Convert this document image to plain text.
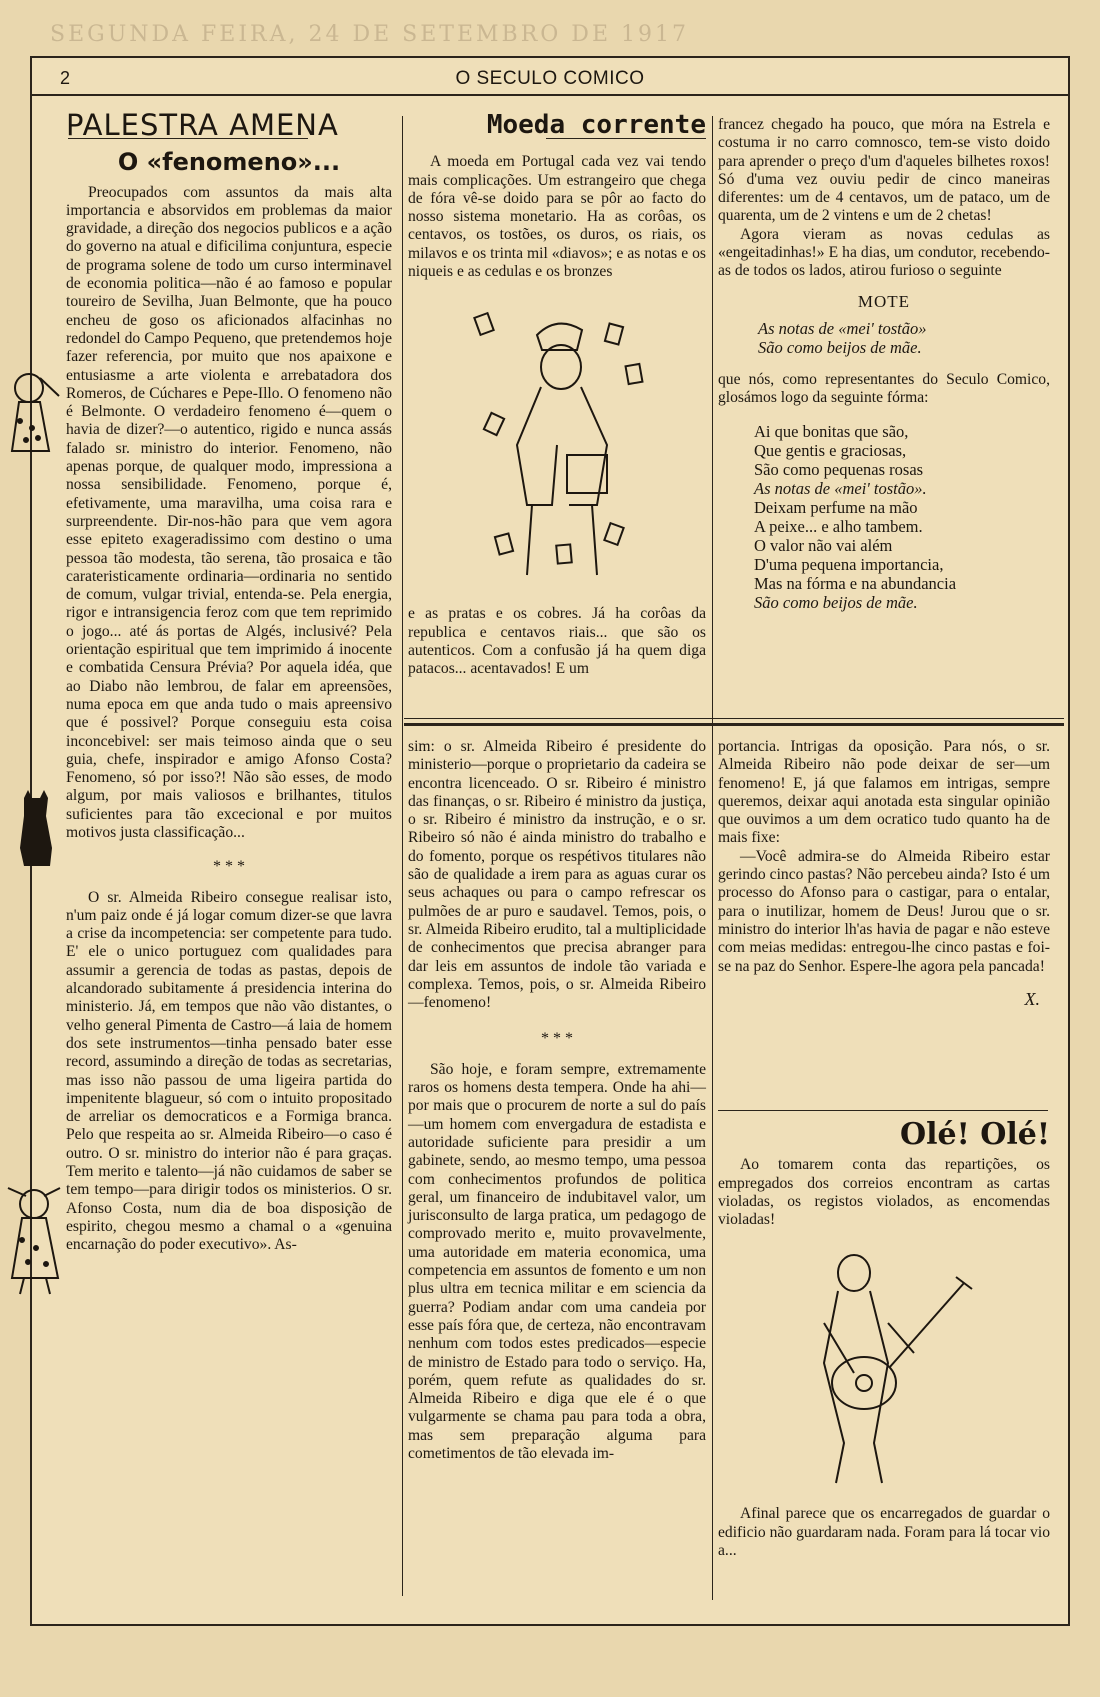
SEGUNDA FEIRA, 24 DE SETEMBRO DE 1917
2	O SECULO COMICO
PALESTRA AMENA
O «fenomeno»...

Preocupados com assuntos da mais alta importancia e absorvidos em problemas da maior gravidade, a direção dos negocios publicos e a ação do governo na atual e dificilima conjuntura, especie de programa solene de todo um curso interminavel de economia politica—não é ao famoso e popular toureiro de Sevilha, Juan Belmonte, que ha pouco encheu de goso os aficionados alfacinhas no redondel do Campo Pequeno, que pretendemos hoje fazer referencia, por muito que nos apaixone e entusiasme a arte violenta e arrebatadora dos Romeros, de Cúchares e Pepe-Illo. O fenomeno não é Belmonte. O verdadeiro fenomeno é—quem o havia de dizer?—o autentico, rigido e nunca assás falado sr. ministro do interior. Fenomeno, não apenas porque, de qualquer modo, impressiona a nossa sensibilidade. Fenomeno, porque é, efetivamente, uma maravilha, uma coisa rara e surpreendente. Dir-nos-hão para que vem agora esse epiteto exageradissimo com destino o uma pessoa tão modesta, tão serena, tão prosaica e tão carateristicamente ordinaria—ordinaria no sentido de comum, vulgar trivial, entenda-se. Pela energia, rigor e intransigencia feroz com que tem reprimido o jogo... até ás portas de Algés, inclusivé? Pela orientação espiritual que tem imprimido á inocente e combatida Censura Prévia? Por aquela idéa, que ao Diabo não lembrou, de falar em apreensões, numa epoca em que anda tudo o mais apreensivo que é possivel? Porque conseguiu esta coisa inconcebivel: ser mais teimoso ainda que o seu guia, chefe, inspirador e amigo Afonso Costa? Fenomeno, só por isso?! Não são esses, de modo algum, por mais valiosos e brilhantes, titulos suficientes para tão excecional e por muitos motivos justa classificação...

* * *

O sr. Almeida Ribeiro consegue realisar isto, n'um paiz onde é já logar comum dizer-se que lavra a crise da incompetencia: ser competente para tudo. E' ele o unico portuguez com qualidades para assumir a gerencia de todas as pastas, depois de alcandorado subitamente á presidencia interina do ministerio. Já, em tempos que não vão distantes, o velho general Pimenta de Castro—á laia de homem dos sete instrumentos—tinha pensado bater esse record, assumindo a direção de todas as secretarias, mas isso não passou de uma ligeira partida do impenitente blagueur, só com o intuito propositado de arreliar os democraticos e a Formiga branca. Pelo que respeita ao sr. Almeida Ribeiro—o caso é outro. O sr. ministro do interior não é para graças. Tem merito e talento—já não cuidamos de saber se tem tempo—para dirigir todos os ministerios. O sr. Afonso Costa, num dia de boa disposição de espirito, chegou mesmo a chamal o a «genuina encarnação do poder executivo». As-

Moeda corrente

A moeda em Portugal cada vez vai tendo mais complicações. Um estrangeiro que chega de fóra vê-se doido para se pôr ao facto do nosso sistema monetario. Ha as corôas, os centavos, os tostões, os duros, os riais, os milavos e os trinta mil «diavos»; e as notas e os niqueis e as cedulas e os bronzes

e as pratas e os cobres. Já ha corôas da republica e centavos riais... que são os autenticos. Com a confusão já ha quem diga patacos... acentavados! E um

francez chegado ha pouco, que móra na Estrela e costuma ir no carro comnosco, tem-se visto doido para aprender o preço d'um d'aqueles bilhetes roxos! Só d'uma vez ouviu pedir de cinco maneiras diferentes: um de 4 centavos, um de pataco, um de quarenta, um de 2 vintens e um de 2 chetas!

Agora vieram as novas cedulas as «engeitadinhas!» E ha dias, um condutor, recebendo-as de todos os lados, atirou furioso o seguinte

MOTE
As notas de «mei' tostão»
São como beijos de mãe.

que nós, como representantes do Seculo Comico, glosámos logo da seguinte fórma:

Ai que bonitas que são,
Que gentis e graciosas,
São como pequenas rosas
As notas de «mei' tostão».
Deixam perfume na mão
A peixe... e alho tambem.
O valor não vai além
D'uma pequena importancia,
Mas na fórma e na abundancia
São como beijos de mãe.

sim: o sr. Almeida Ribeiro é presidente do ministerio—porque o proprietario da cadeira se encontra licenceado. O sr. Ribeiro é ministro das finanças, o sr. Ribeiro é ministro da justiça, o sr. Ribeiro é ministro da instrução, e o sr. Ribeiro só não é ainda ministro do trabalho e do fomento, porque os respétivos titulares não são de qualidade a irem para as aguas curar os seus achaques ou para o campo refrescar os pulmões de ar puro e saudavel. Temos, pois, o sr. Almeida Ribeiro erudito, tal a multiplicidade de conhecimentos que precisa abranger para dar leis em assuntos de indole tão variada e complexa. Temos, pois, o sr. Almeida Ribeiro—fenomeno!

* * *

São hoje, e foram sempre, extremamente raros os homens desta tempera. Onde ha ahi—por mais que o procurem de norte a sul do país—um homem com envergadura de estadista e autoridade suficiente para presidir a um gabinete, sendo, ao mesmo tempo, uma pessoa com conhecimentos profundos de politica geral, um financeiro de indubitavel valor, um jurisconsulto de larga pratica, um pedagogo de comprovado merito e, muito provavelmente, uma autoridade em materia economica, uma competencia em assuntos de fomento e um non plus ultra em tecnica militar e em sciencia da guerra? Podiam andar com uma candeia por esse país fóra que, de certeza, não encontravam nenhum com todos estes predicados—especie de ministro de Estado para todo o serviço. Ha, porém, quem refute as qualidades do sr. Almeida Ribeiro e diga que ele é o que vulgarmente se chama pau para toda a obra, mas sem preparação alguma para cometimentos de tão elevada im-

portancia. Intrigas da oposição. Para nós, o sr. Almeida Ribeiro não pode deixar de ser—um fenomeno! E, já que falamos em intrigas, sempre queremos, deixar aqui anotada esta singular opinião que ouvimos a um dem ocratico tudo quanto ha de mais fixe:

—Você admira-se do Almeida Ribeiro estar gerindo cinco pastas? Não percebeu ainda? Isto é um processo do Afonso para o castigar, para o entalar, para o inutilizar, homem de Deus! Jurou que o sr. ministro do interior lh'as havia de pagar e não esteve com meias medidas: entregou-lhe cinco pastas e foi-se na paz do Senhor. Espere-lhe agora pela pancada!

X.
Olé! Olé!

Ao tomarem conta das repartições, os empregados dos correios encontram as cartas violadas, os registos violados, as encomendas violadas!

Afinal parece que os encarregados de guardar o edificio não guardaram nada. Foram para lá tocar vio a...
